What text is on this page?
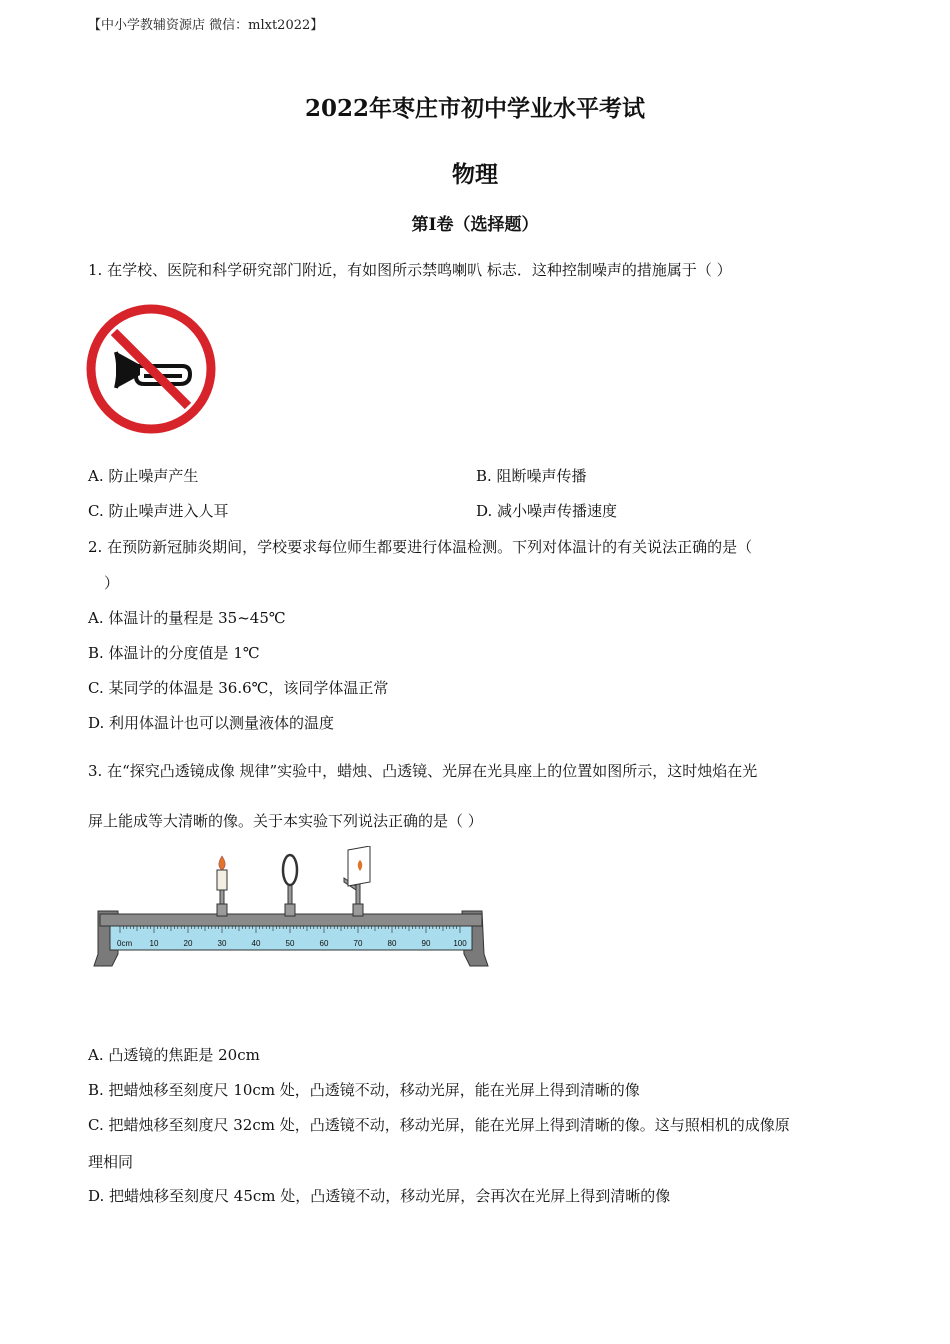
【中小学教辅资源店 微信：mlxt2022】
2022年枣庄市初中学业水平考试
物理
第I卷（选择题）
1. 在学校、医院和科学研究部门附近，有如图所示禁鸣喇叭 标志．这种控制噪声的措施属于（ ）
A. 防止噪声产生	B. 阻断噪声传播
C. 防止噪声进入人耳	D. 减小噪声传播速度
2. 在预防新冠肺炎期间，学校要求每位师生都要进行体温检测。下列对体温计的有关说法正确的是（
）
A. 体温计的量程是 35~45℃
B. 体温计的分度值是 1℃
C. 某同学的体温是 36.6℃，该同学体温正常
D. 利用体温计也可以测量液体的温度
3. 在“探究凸透镜成像 规律”实验中，蜡烛、凸透镜、光屏在光具座上的位置如图所示，这时烛焰在光
屏上能成等大清晰的像。关于本实验下列说法正确的是（ ）
0cm 10	20	30	40	50	60	70	80	90	100
A. 凸透镜的焦距是 20cm
B. 把蜡烛移至刻度尺 10cm 处，凸透镜不动，移动光屏，能在光屏上得到清晰的像
C. 把蜡烛移至刻度尺 32cm 处，凸透镜不动，移动光屏，能在光屏上得到清晰的像。这与照相机的成像原
理相同
D. 把蜡烛移至刻度尺 45cm 处，凸透镜不动，移动光屏，会再次在光屏上得到清晰的像
